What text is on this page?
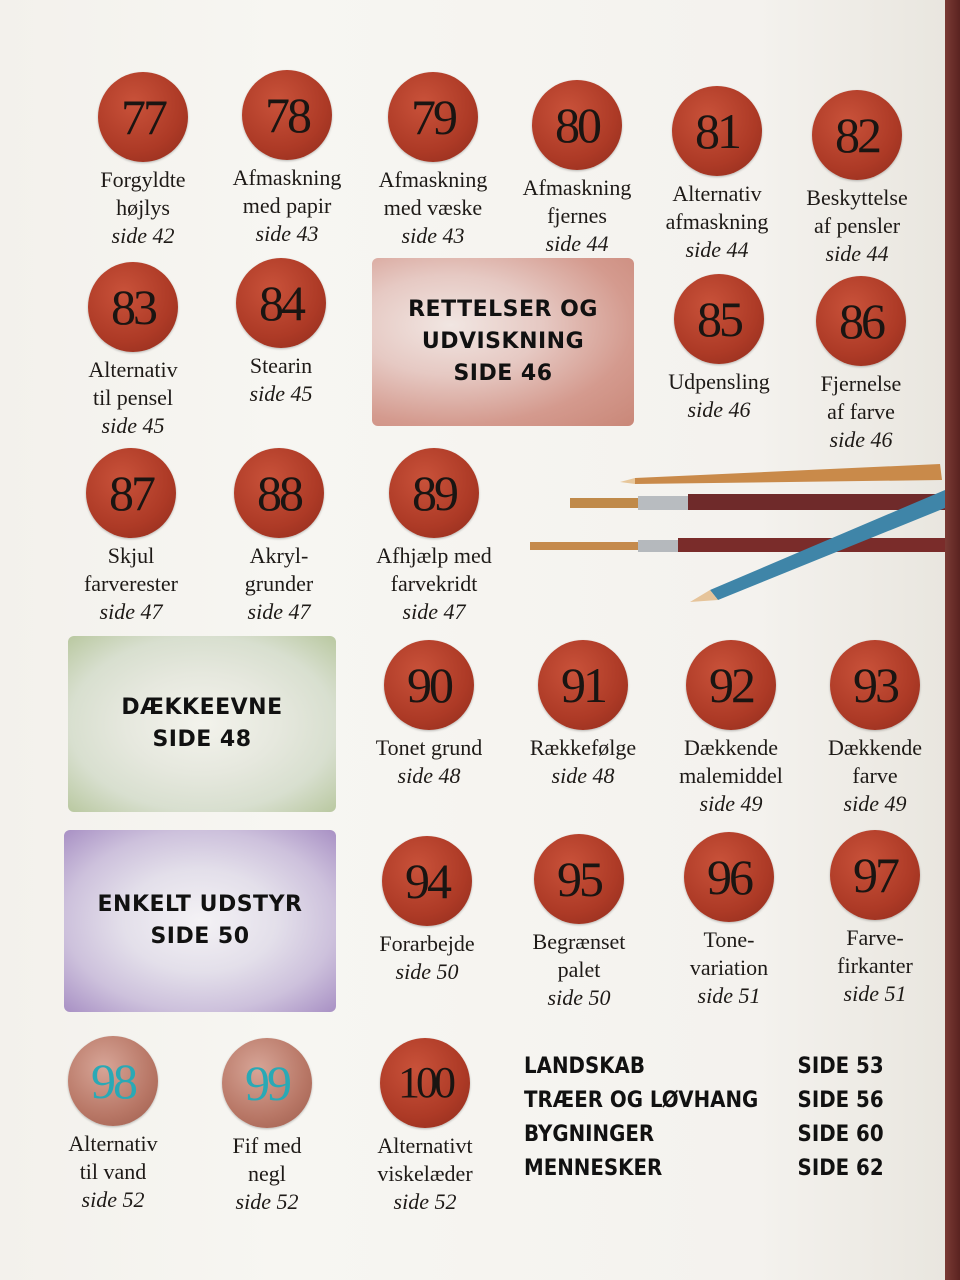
77
Forgyldte
højlys
side 42
78
Afmaskning
med papir
side 43
79
Afmaskning
med væske
side 43
80
Afmaskning
fjernes
side 44
81
Alternativ
afmaskning
side 44
82
Beskyttelse
af pensler
side 44
83
Alternativ
til pensel
side 45
84
Stearin
side 45
RETTELSER OG
UDVISKNING
SIDE 46
85
Udpensling
side 46
86
Fjernelse
af farve
side 46
87
Skjul
farverester
side 47
88
Akryl-
grunder
side 47
89
Afhjælp med
farvekridt
side 47
DÆKKEEVNE
SIDE 48
90
Tonet grund
side 48
91
Rækkefølge
side 48
92
Dækkende
malemiddel
side 49
93
Dækkende
farve
side 49
ENKELT UDSTYR
SIDE 50
94
Forarbejde
side 50
95
Begrænset
palet
side 50
96
Tone-
variation
side 51
97
Farve-
firkanter
side 51
98
Alternativ
til vand
side 52
99
Fif med
negl
side 52
100
Alternativt
viskelæder
side 52
LANDSKAB	SIDE 53
TRÆER OG LØVHANG SIDE 56
BYGNINGER	SIDE 60
MENNESKER	SIDE 62
